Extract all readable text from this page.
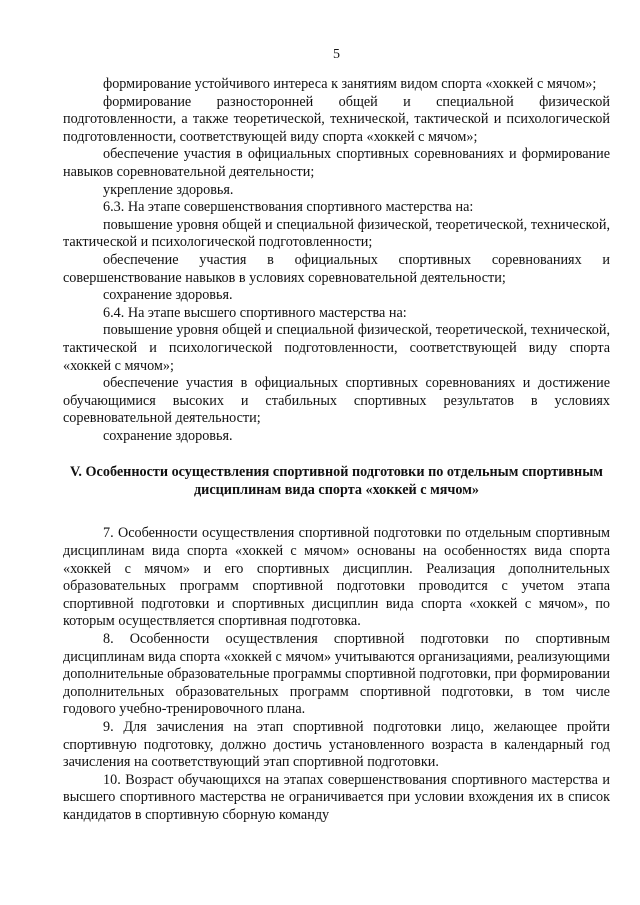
5

формирование устойчивого интереса к занятиям видом спорта «хоккей с мячом»;

формирование разносторонней общей и специальной физической подготовленности, а также теоретической, технической, тактической и психологической подготовленности, соответствующей виду спорта «хоккей с мячом»;

обеспечение участия в официальных спортивных соревнованиях и формирование навыков соревновательной деятельности;

укрепление здоровья.

6.3. На этапе совершенствования спортивного мастерства на:

повышение уровня общей и специальной физической, теоретической, технической, тактической и психологической подготовленности;

обеспечение участия в официальных спортивных соревнованиях и совершенствование навыков в условиях соревновательной деятельности;

сохранение здоровья.

6.4. На этапе высшего спортивного мастерства на:

повышение уровня общей и специальной физической, теоретической, технической, тактической и психологической подготовленности, соответствующей виду спорта «хоккей с мячом»;

обеспечение участия в официальных спортивных соревнованиях и достижение обучающимися высоких и стабильных спортивных результатов в условиях соревновательной деятельности;

сохранение здоровья.

V. Особенности осуществления спортивной подготовки по отдельным спортивным дисциплинам вида спорта «хоккей с мячом»

7. Особенности осуществления спортивной подготовки по отдельным спортивным дисциплинам вида спорта «хоккей с мячом» основаны на особенностях вида спорта «хоккей с мячом» и его спортивных дисциплин. Реализация дополнительных образовательных программ спортивной подготовки проводится с учетом этапа спортивной подготовки и спортивных дисциплин вида спорта «хоккей с мячом», по которым осуществляется спортивная подготовка.

8. Особенности осуществления спортивной подготовки по спортивным дисциплинам вида спорта «хоккей с мячом» учитываются организациями, реализующими дополнительные образовательные программы спортивной подготовки, при формировании дополнительных образовательных программ спортивной подготовки, в том числе годового учебно-тренировочного плана.

9. Для зачисления на этап спортивной подготовки лицо, желающее пройти спортивную подготовку, должно достичь установленного возраста в календарный год зачисления на соответствующий этап спортивной подготовки.

10. Возраст обучающихся на этапах совершенствования спортивного мастерства и высшего спортивного мастерства не ограничивается при условии вхождения их в список кандидатов в спортивную сборную команду
